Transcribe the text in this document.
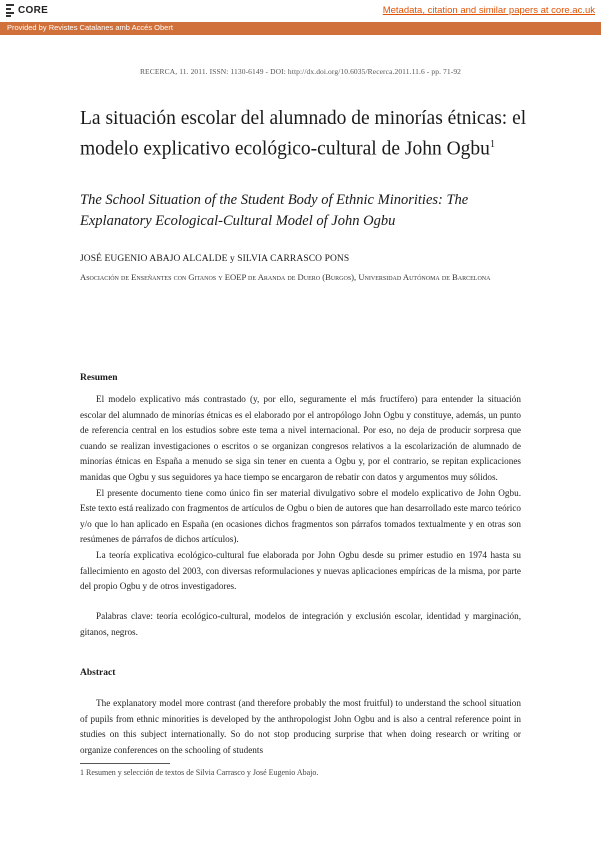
CORE	Metadata, citation and similar papers at core.ac.uk
Provided by Revistes Catalanes amb Accés Obert
RECERCA, 11. 2011. ISSN: 1130-6149 - DOI: http://dx.doi.org/10.6035/Recerca.2011.11.6 - pp. 71-92
La situación escolar del alumnado de minorías étnicas: el modelo explicativo ecológico-cultural de John Ogbu$^1$
The School Situation of the Student Body of Ethnic Minorities: The Explanatory Ecological-Cultural Model of John Ogbu
JOSÉ EUGENIO ABAJO ALCALDE y SILVIA CARRASCO PONS
Asociación de Enseñantes con Gitanos y EOEP de Aranda de Duero (Burgos), Universidad Autónoma de Barcelona
Resumen

El modelo explicativo más contrastado (y, por ello, seguramente el más fructífero) para entender la situación escolar del alumnado de minorías étnicas es el elaborado por el antropólogo John Ogbu y constituye, además, un punto de referencia central en los estudios sobre este tema a nivel internacional. Por eso, no deja de producir sorpresa que cuando se realizan investigaciones o escritos o se organizan congresos relativos a la escolarización de alumnado de minorías étnicas en España a menudo se siga sin tener en cuenta a Ogbu y, por el contrario, se repitan explicaciones manidas que Ogbu y sus seguidores ya hace tiempo se encargaron de rebatir con datos y argumentos muy sólidos.

El presente documento tiene como único fin ser material divulgativo sobre el modelo explicativo de John Ogbu. Este texto está realizado con fragmentos de artículos de Ogbu o bien de autores que han desarrollado este marco teórico y/o que lo han aplicado en España (en ocasiones dichos fragmentos son párrafos tomados textualmente y en otras son resúmenes de párrafos de dichos artículos).

La teoría explicativa ecológico-cultural fue elaborada por John Ogbu desde su primer estudio en 1974 hasta su fallecimiento en agosto del 2003, con diversas reformulaciones y nuevas aplicaciones empíricas de la misma, por parte del propio Ogbu y de otros investigadores.

Palabras clave: teoría ecológico-cultural, modelos de integración y exclusión escolar, identidad y marginación, gitanos, negros.

Abstract

The explanatory model more contrast (and therefore probably the most fruitful) to understand the school situation of pupils from ethnic minorities is developed by the anthropologist John Ogbu and is also a central reference point in studies on this subject internationally. So do not stop producing surprise that when doing research or writing or organize conferences on the schooling of students

1 Resumen y selección de textos de Silvia Carrasco y José Eugenio Abajo.
